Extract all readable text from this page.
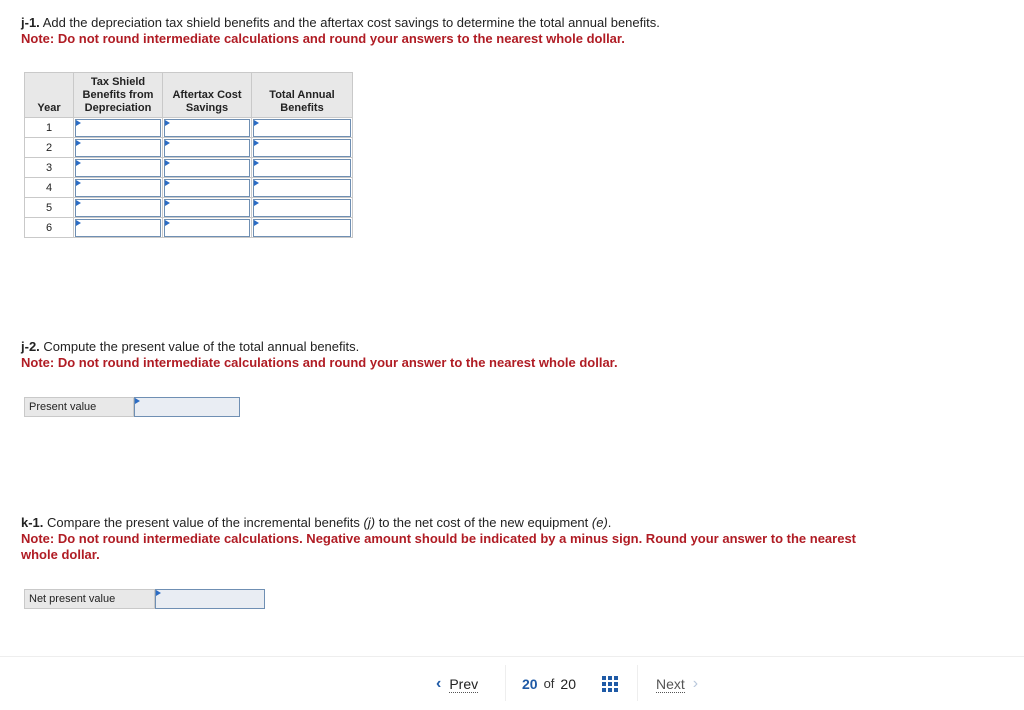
j-1. Add the depreciation tax shield benefits and the aftertax cost savings to determine the total annual benefits.
Note: Do not round intermediate calculations and round your answers to the nearest whole dollar.
Year	Tax Shield Benefits from Depreciation	Aftertax Cost Savings	Total Annual Benefits
1	

2	

3	

4	

5	

6	

j-2. Compute the present value of the total annual benefits.
Note: Do not round intermediate calculations and round your answer to the nearest whole dollar.
Present value
k-1. Compare the present value of the incremental benefits (j) to the net cost of the new equipment (e).
Note: Do not round intermediate calculations. Negative amount should be indicated by a minus sign. Round your answer to the nearest whole dollar.
Net present value
‹ Prev	20 of 20	Next ›
